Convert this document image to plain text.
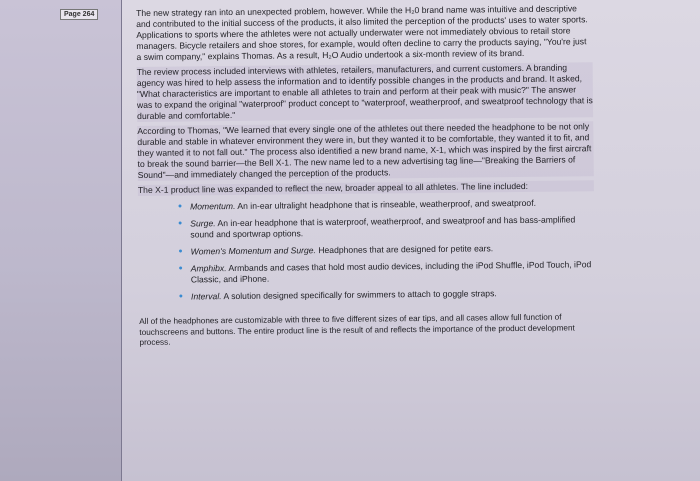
Page 264	The new strategy ran into an unexpected problem, however. While the H₂0 brand name was intuitive and descriptive and contributed to the initial success of the products, it also limited the perception of the products' uses to water sports. Applications to sports where the athletes were not actually underwater were not immediately obvious to retail store managers. Bicycle retailers and shoe stores, for example, would often decline to carry the products saying, "You're just a swim company," explains Thomas. As a result, H₂O Audio undertook a six-month review of its brand.

The review process included interviews with athletes, retailers, manufacturers, and current customers. A branding agency was hired to help assess the information and to identify possible changes in the products and brand. It asked, "What characteristics are important to enable all athletes to train and perform at their peak with music?" The answer was to expand the original "waterproof" product concept to "waterproof, weatherproof, and sweatproof technology that is durable and comfortable."

According to Thomas, "We learned that every single one of the athletes out there needed the headphone to be not only durable and stable in whatever environment they were in, but they wanted it to be comfortable, they wanted it to fit, and they wanted it to not fall out." The process also identified a new brand name, X-1, which was inspired by the first aircraft to break the sound barrier—the Bell X-1. The new name led to a new advertising tag line—"Breaking the Barriers of Sound"—and immediately changed the perception of the products.

The X-1 product line was expanded to reflect the new, broader appeal to all athletes. The line included:

• Momentum. An in-ear ultralight headphone that is rinseable, weatherproof, and sweatproof.
• Surge. An in-ear headphone that is waterproof, weatherproof, and sweatproof and has bass-amplified sound and sportwrap options.
• Women's Momentum and Surge. Headphones that are designed for petite ears.
• Amphibx. Armbands and cases that hold most audio devices, including the iPod Shuffle, iPod Touch, iPod Classic, and iPhone.
• Interval. A solution designed specifically for swimmers to attach to goggle straps.

All of the headphones are customizable with three to five different sizes of ear tips, and all cases allow full function of touchscreens and buttons. The entire product line is the result of and reflects the importance of the product development process.
